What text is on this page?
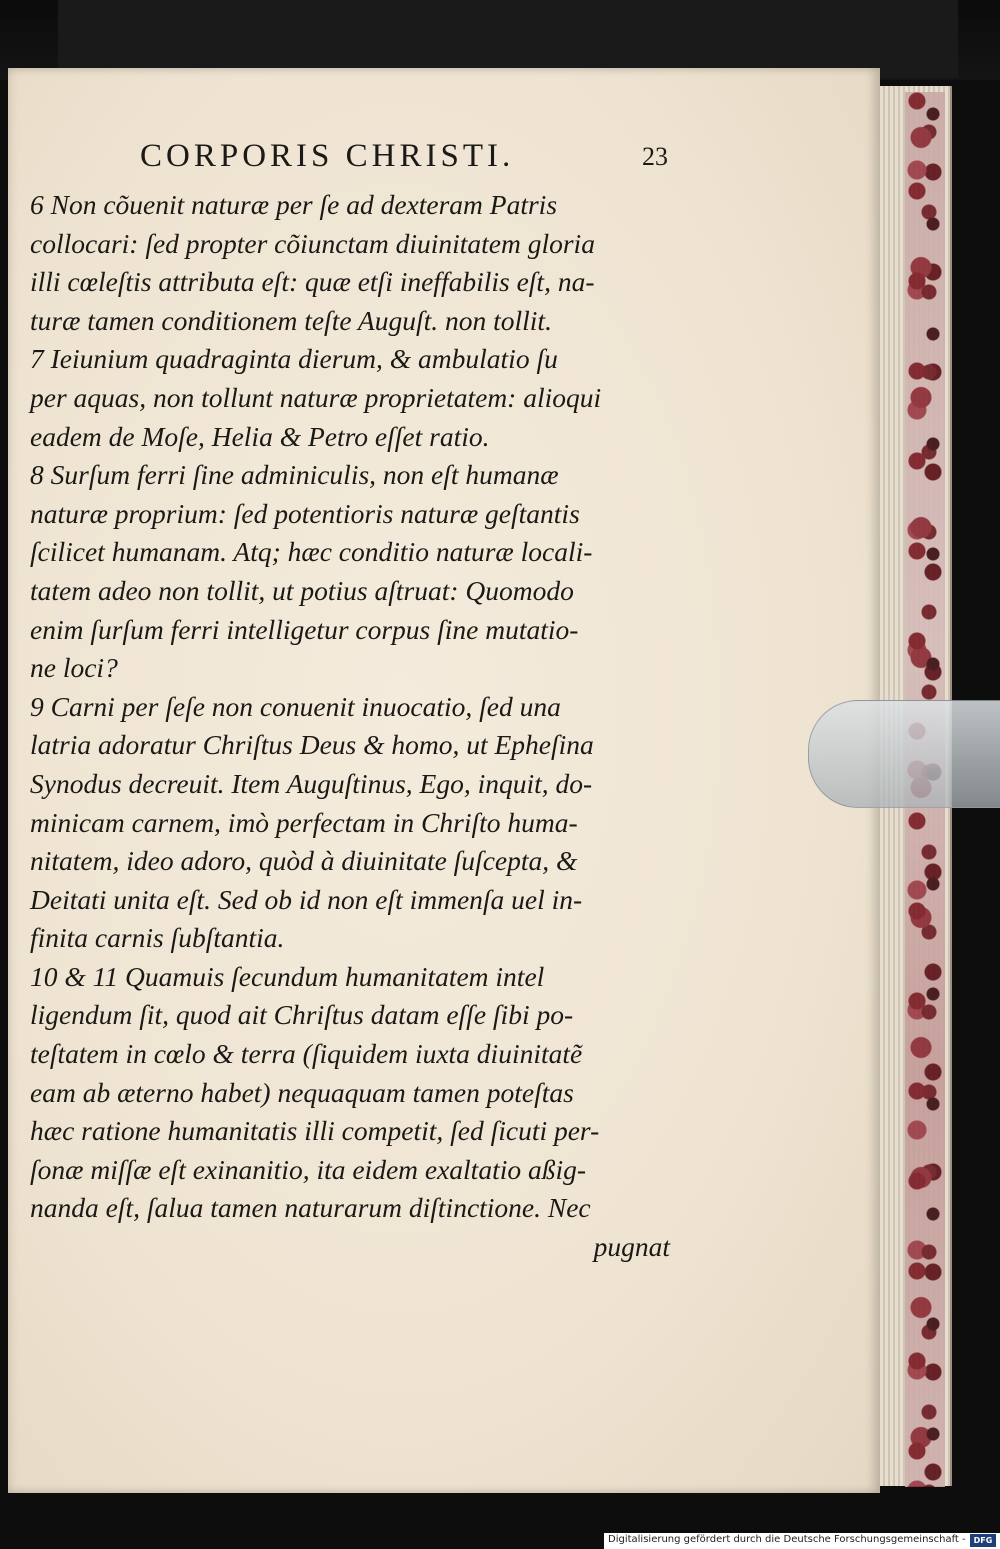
CORPORIS CHRISTI.	23
6 Non cõuenit naturæ per ſe ad dexteram Patris
collocari: ſed propter cõiunctam diuinitatem gloria
illi cœleſtis attributa eſt: quæ etſi ineffabilis eſt, na-
turæ tamen conditionem teſte Auguſt. non tollit.
7 Ieiunium quadraginta dierum, & ambulatio ſu
per aquas, non tollunt naturæ proprietatem: alioqui
eadem de Moſe, Helia & Petro eſſet ratio.
8 Surſum ferri ſine adminiculis, non eſt humanæ
naturæ proprium: ſed potentioris naturæ geſtantis
ſcilicet humanam. Atq; hæc conditio naturæ locali-
tatem adeo non tollit, ut potius aſtruat: Quomodo
enim ſurſum ferri intelligetur corpus ſine mutatio-
ne loci?
9 Carni per ſeſe non conuenit inuocatio, ſed una
latria adoratur Chriſtus Deus & homo, ut Epheſina
Synodus decreuit. Item Auguſtinus, Ego, inquit, do-
minicam carnem, imò perfectam in Chriſto huma-
nitatem, ideo adoro, quòd à diuinitate ſuſcepta, &
Deitati unita eſt. Sed ob id non eſt immenſa uel in-
finita carnis ſubſtantia.
10 & 11 Quamuis ſecundum humanitatem intel
ligendum ſit, quod ait Chriſtus datam eſſe ſibi po-
teſtatem in cœlo & terra (ſiquidem iuxta diuinitatẽ
eam ab æterno habet) nequaquam tamen poteſtas
hæc ratione humanitatis illi competit, ſed ſicuti per-
ſonæ miſſæ eſt exinanitio, ita eidem exaltatio aßig-
nanda eſt, ſalua tamen naturarum diſtinctione. Nec
pugnat
Digitalisierung gefördert durch die Deutsche Forschungsgemeinschaft -	DFG
